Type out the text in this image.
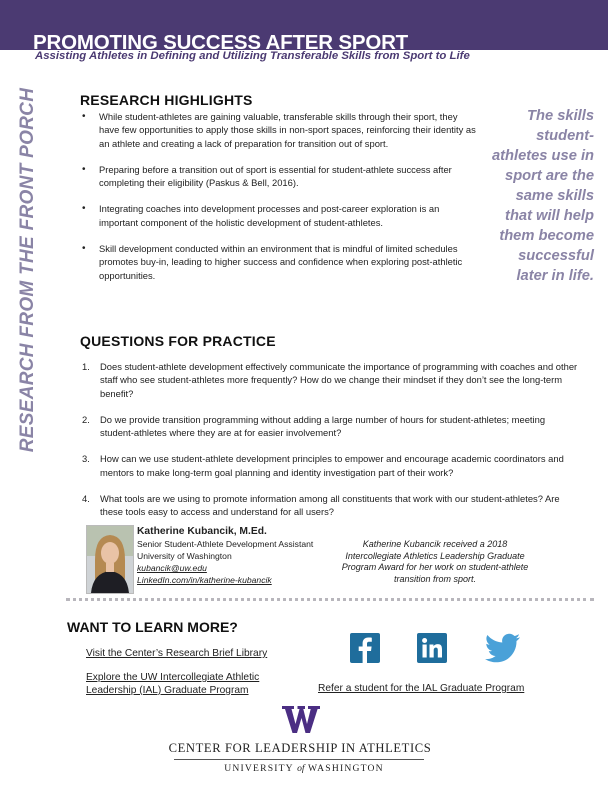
PROMOTING SUCCESS AFTER SPORT
Assisting Athletes in Defining and Utilizing Transferable Skills from Sport to Life
RESEARCH FROM THE FRONT PORCH	RESEARCH HIGHLIGHTS
• While student-athletes are gaining valuable, transferable skills through their sport, they have few opportunities to apply those skills in non-sport spaces, reinforcing their identity as an athlete and creating a lack of preparation for transition out of sport.
• Preparing before a transition out of sport is essential for student-athlete success after completing their eligibility (Paskus & Bell, 2016).
• Integrating coaches into development processes and post-career exploration is an important component of the holistic development of student-athletes.
• Skill development conducted within an environment that is mindful of limited schedules promotes buy-in, leading to higher success and confidence when exploring post-athletic opportunities.
The skills student-athletes use in sport are the same skills that will help them become successful later in life.
QUESTIONS FOR PRACTICE
1. Does student-athlete development effectively communicate the importance of programming with coaches and other staff who see student-athletes more frequently? How do we change their mindset if they don’t see the long-term benefit?
2. Do we provide transition programming without adding a large number of hours for student-athletes; meeting student-athletes where they are at for easier involvement?
3. How can we use student-athlete development principles to empower and encourage academic coordinators and mentors to make long-term goal planning and identity investigation part of their work?
4. What tools are we using to promote information among all constituents that work with our student-athletes? Are these tools easy to access and understand for all users?
Katherine Kubancik, M.Ed.
Senior Student-Athlete Development Assistant
University of Washington
kubancik@uw.edu
LinkedIn.com/in/katherine-kubancik
Katherine Kubancik received a 2018 Intercollegiate Athletics Leadership Graduate Program Award for her work on student-athlete transition from sport.
WANT TO LEARN MORE?
Visit the Center’s Research Brief Library
Explore the UW Intercollegiate Athletic
Leadership (IAL) Graduate Program	Refer a student for the IAL Graduate Program
CENTER FOR LEADERSHIP IN ATHLETICS
UNIVERSITY of WASHINGTON
